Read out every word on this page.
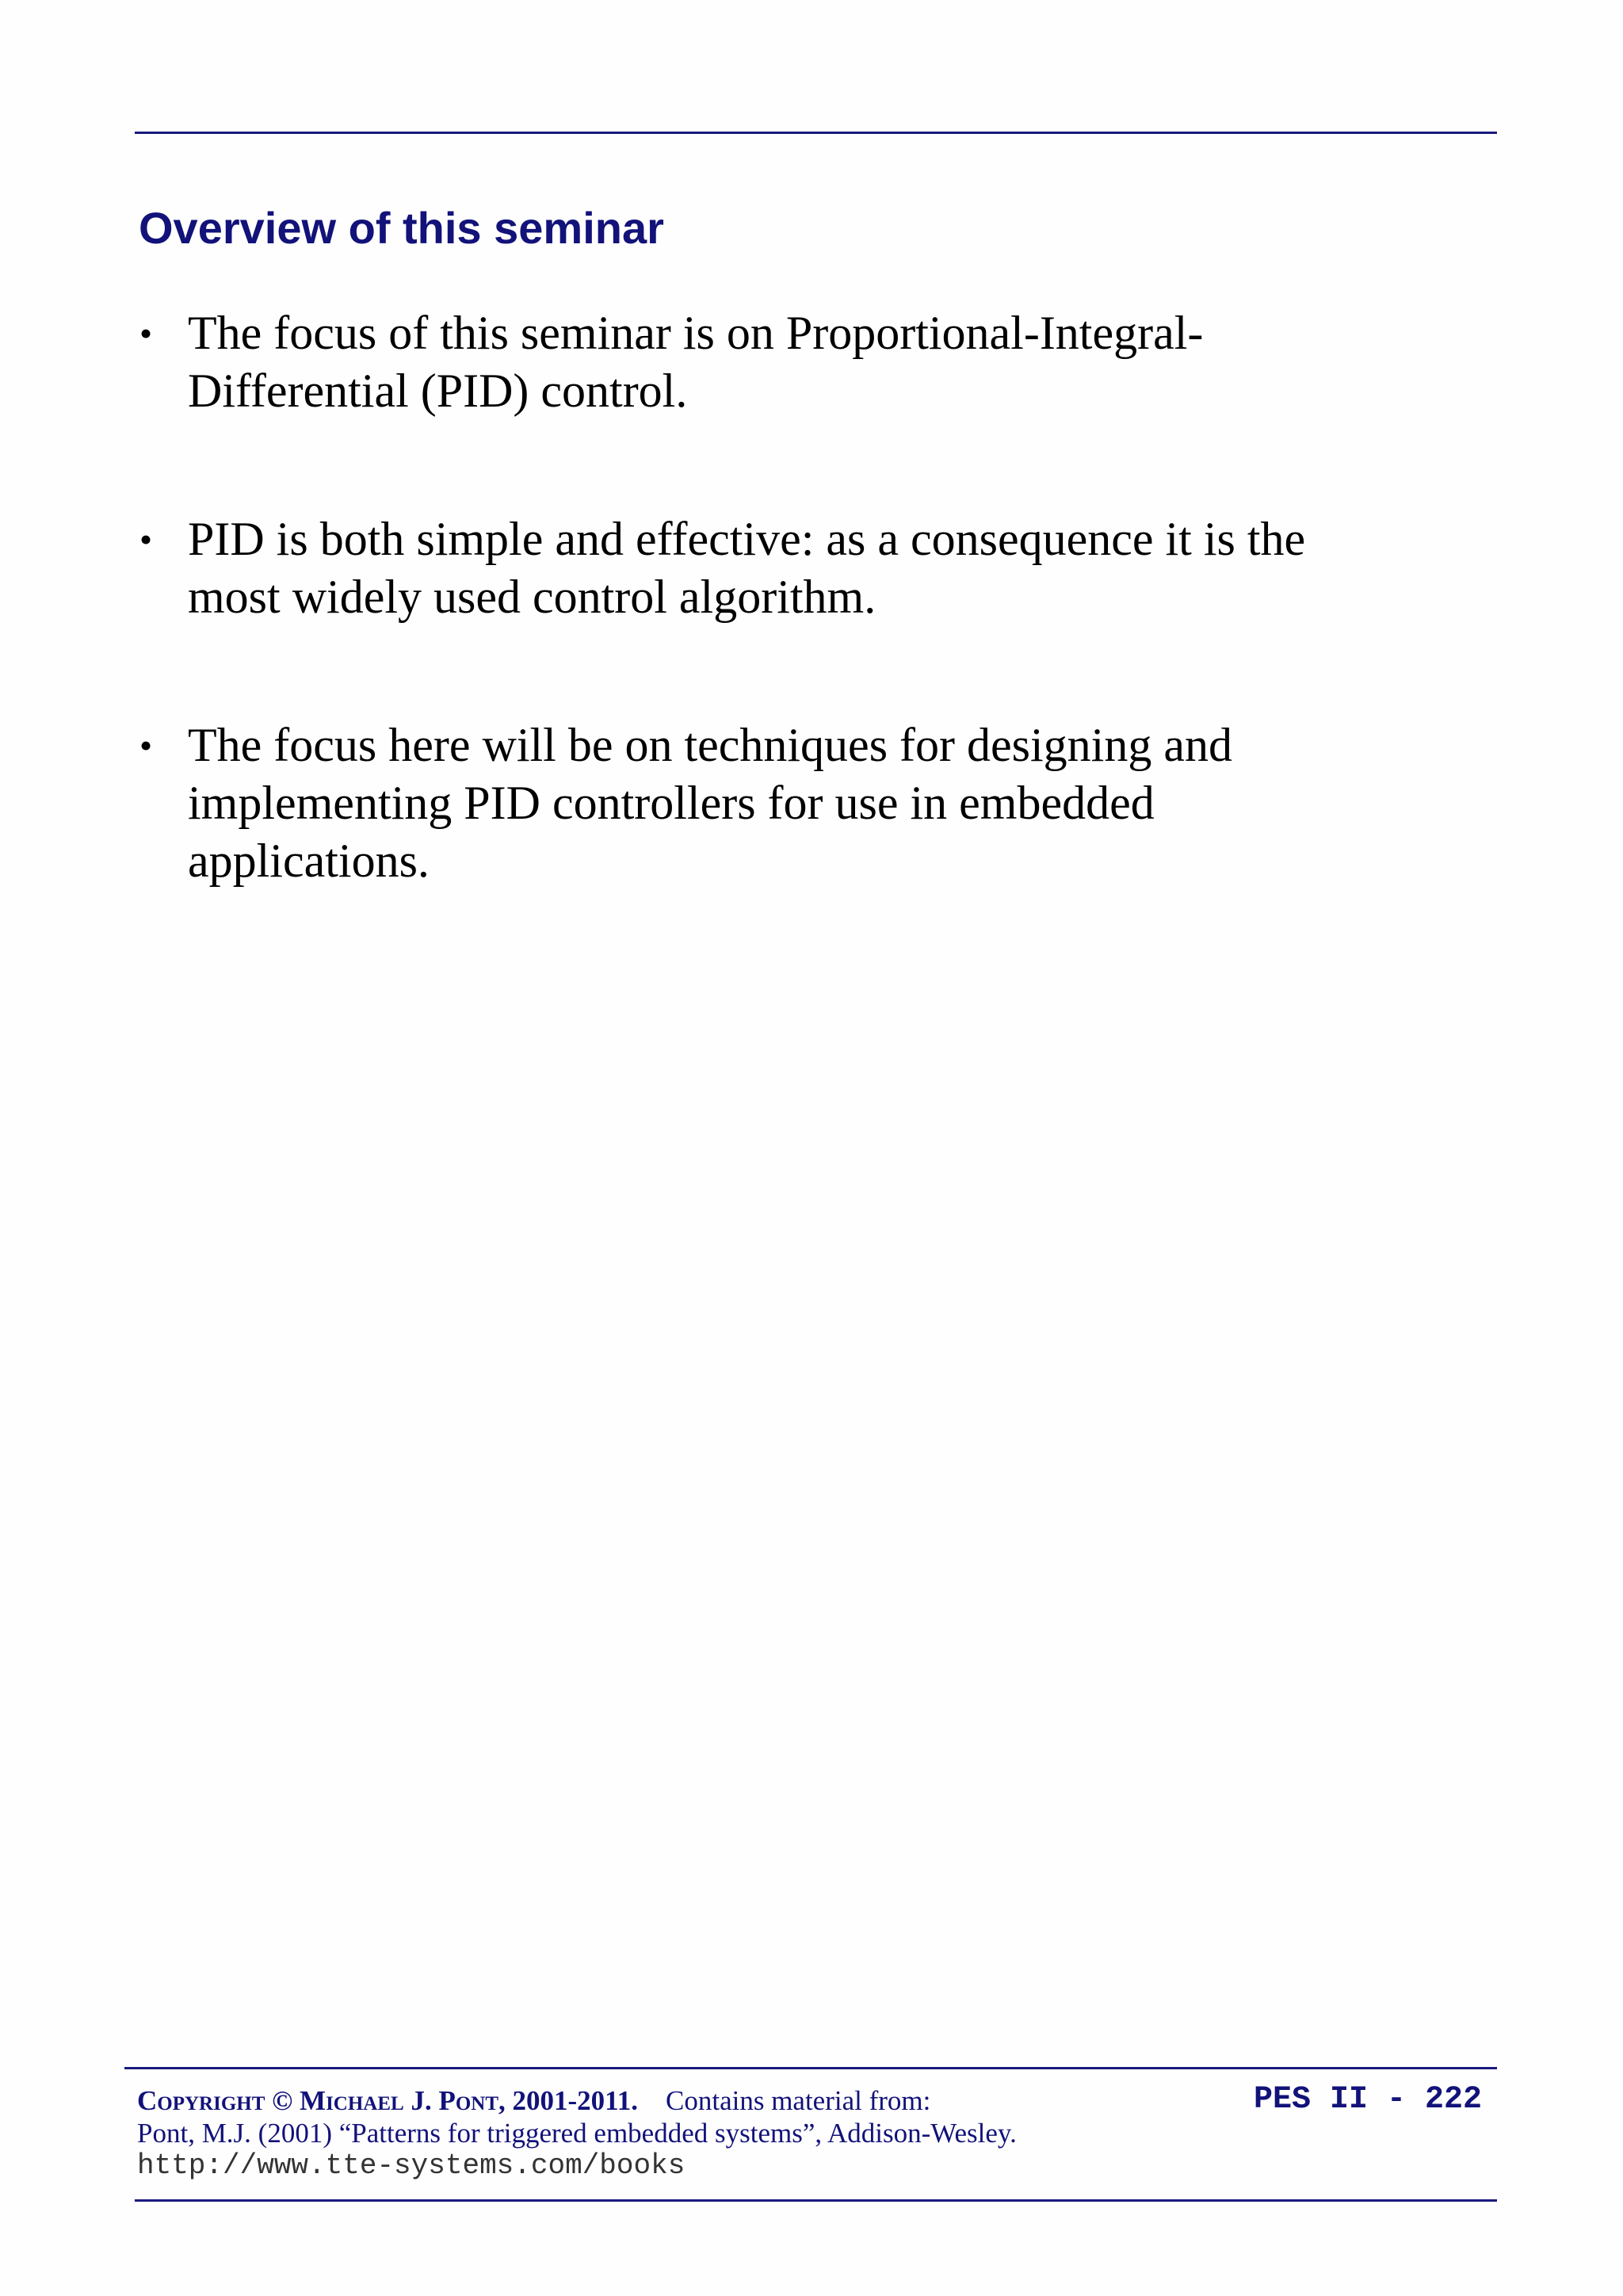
Overview of this seminar
• The focus of this seminar is on Proportional-Integral-
Differential (PID) control.
• PID is both simple and effective: as a consequence it is the
most widely used control algorithm.
• The focus here will be on techniques for designing and
implementing PID controllers for use in embedded
applications.
Copyright © Michael J. Pont, 2001-2011. Contains material from:
Pont, M.J. (2001) “Patterns for triggered embedded systems”, Addison-Wesley.
http://www.tte-systems.com/books
PES II - 222
